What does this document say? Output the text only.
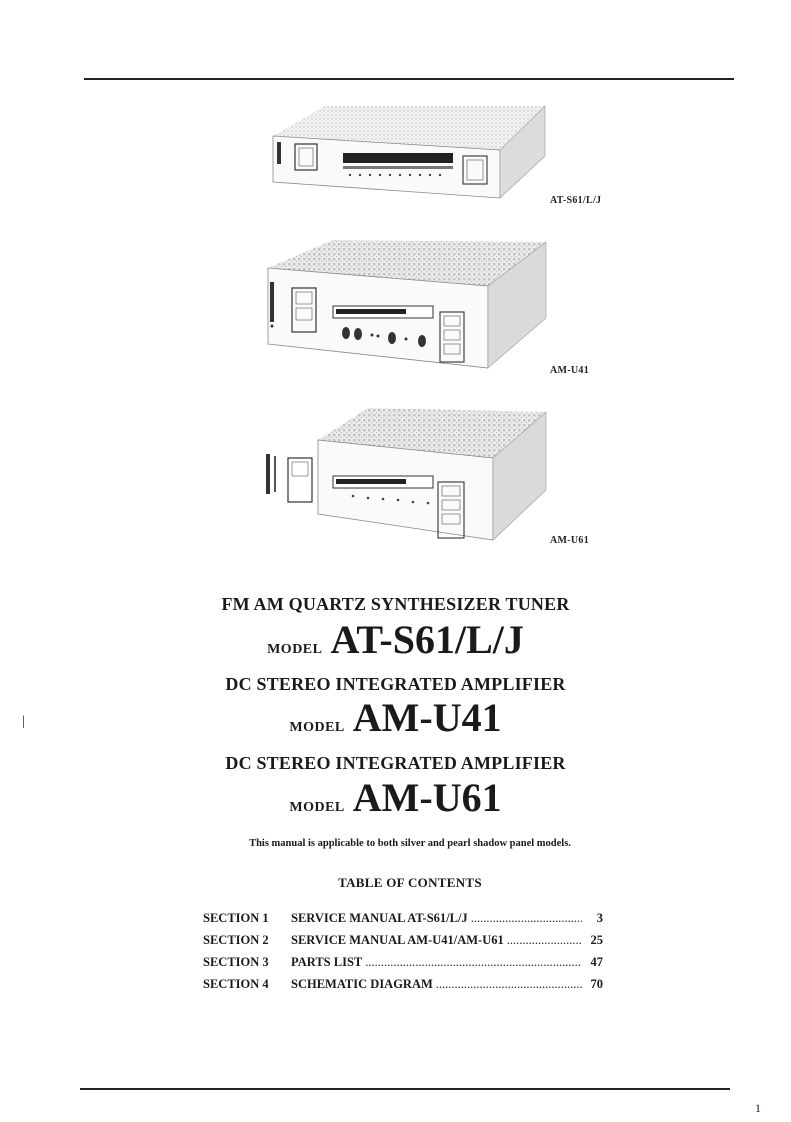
AT-S61/L/J
AM-U41
AM-U61
FM AM QUARTZ SYNTHESIZER TUNER
MODEL AT-S61/L/J
DC STEREO INTEGRATED AMPLIFIER
MODEL AM-U41
DC STEREO INTEGRATED AMPLIFIER
MODEL AM-U61
This manual is applicable to both silver and pearl shadow panel models.
TABLE OF CONTENTS
SECTION 1	SERVICE MANUAL AT-S61/L/J .....	3
SECTION 2	SERVICE MANUAL AM-U41/AM-U61 .....	25
SECTION 3	PARTS LIST .....	47
SECTION 4	SCHEMATIC DIAGRAM .....	70
|
1
